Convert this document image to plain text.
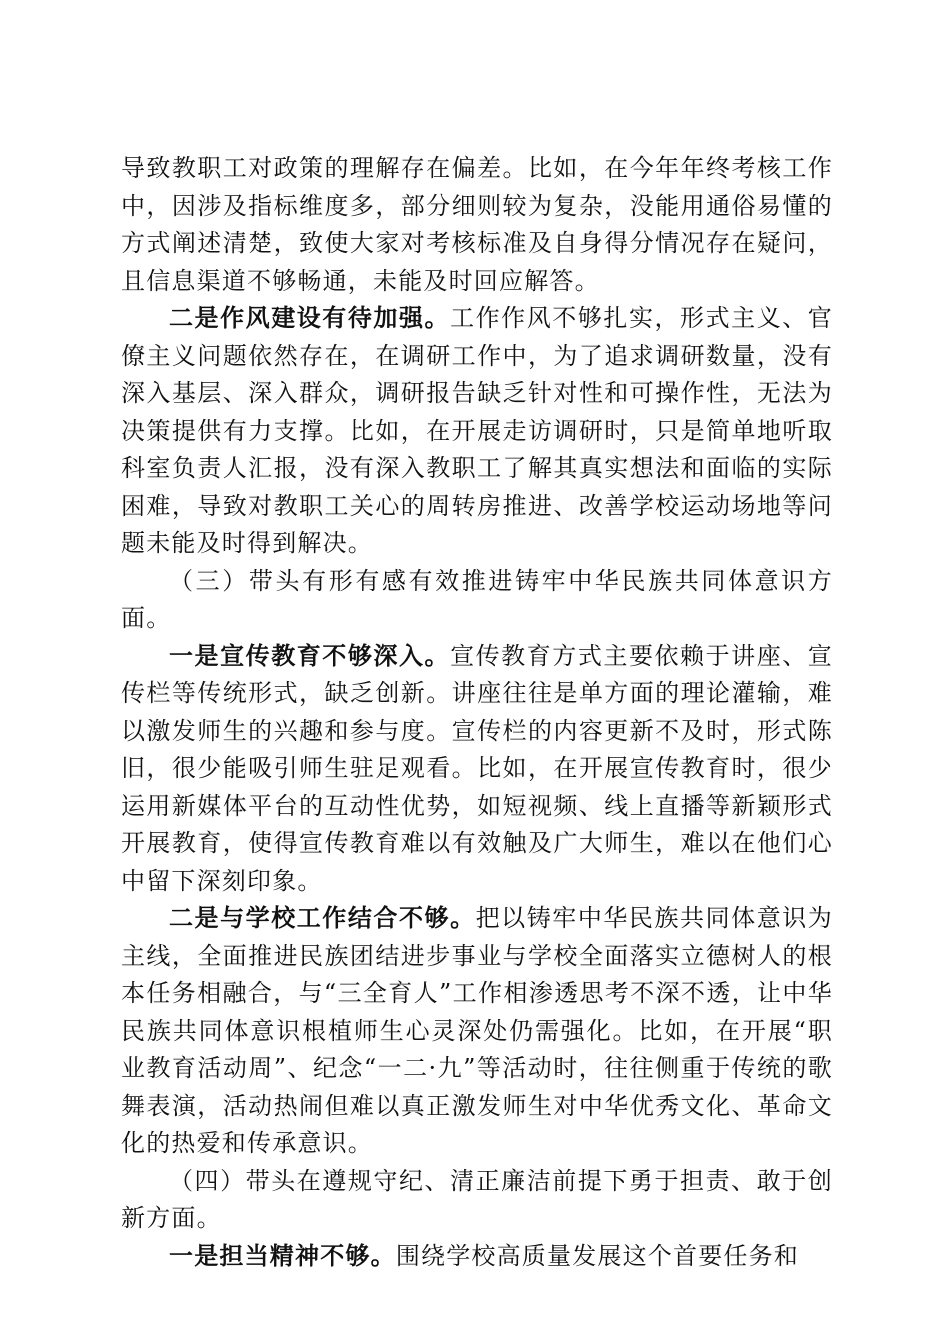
导致教职工对政策的理解存在偏差。比如，在今年年终考核工作中，因涉及指标维度多，部分细则较为复杂，没能用通俗易懂的方式阐述清楚，致使大家对考核标准及自身得分情况存在疑问，且信息渠道不够畅通，未能及时回应解答。

二是作风建设有待加强。工作作风不够扎实，形式主义、官僚主义问题依然存在，在调研工作中，为了追求调研数量，没有深入基层、深入群众，调研报告缺乏针对性和可操作性，无法为决策提供有力支撑。比如，在开展走访调研时，只是简单地听取科室负责人汇报，没有深入教职工了解其真实想法和面临的实际困难，导致对教职工关心的周转房推进、改善学校运动场地等问题未能及时得到解决。

（三）带头有形有感有效推进铸牢中华民族共同体意识方面。

一是宣传教育不够深入。宣传教育方式主要依赖于讲座、宣传栏等传统形式，缺乏创新。讲座往往是单方面的理论灌输，难以激发师生的兴趣和参与度。宣传栏的内容更新不及时，形式陈旧，很少能吸引师生驻足观看。比如，在开展宣传教育时，很少运用新媒体平台的互动性优势，如短视频、线上直播等新颖形式开展教育，使得宣传教育难以有效触及广大师生，难以在他们心中留下深刻印象。

二是与学校工作结合不够。把以铸牢中华民族共同体意识为主线，全面推进民族团结进步事业与学校全面落实立德树人的根本任务相融合，与“三全育人”工作相渗透思考不深不透，让中华民族共同体意识根植师生心灵深处仍需强化。比如，在开展“职业教育活动周”、纪念“一二·九”等活动时，往往侧重于传统的歌舞表演，活动热闹但难以真正激发师生对中华优秀文化、革命文化的热爱和传承意识。

（四）带头在遵规守纪、清正廉洁前提下勇于担责、敢于创新方面。

一是担当精神不够。围绕学校高质量发展这个首要任务和
